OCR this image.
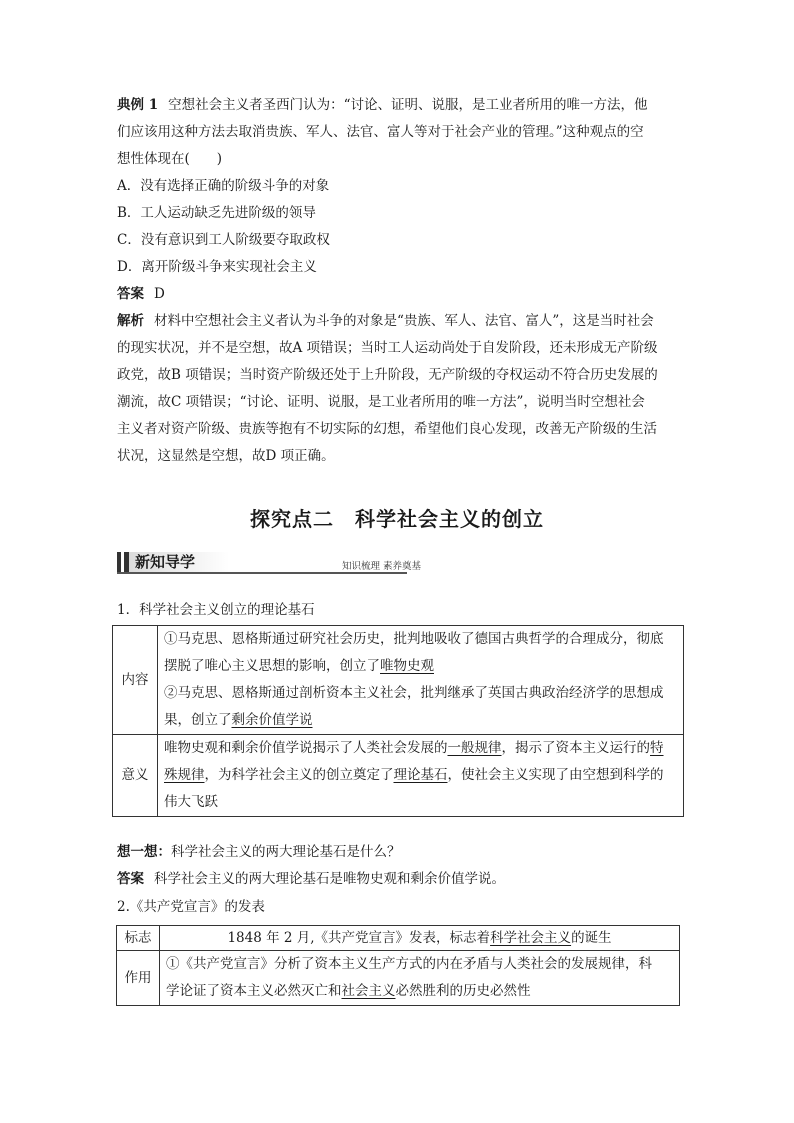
典例 1 空想社会主义者圣西门认为：“讨论、证明、说服，是工业者所用的唯一方法，他
们应该用这种方法去取消贵族、军人、法官、富人等对于社会产业的管理。”这种观点的空
想性体现在(　　)
A．没有选择正确的阶级斗争的对象
B．工人运动缺乏先进阶级的领导
C．没有意识到工人阶级要夺取政权
D．离开阶级斗争来实现社会主义
答案 D
解析 材料中空想社会主义者认为斗争的对象是“贵族、军人、法官、富人”，这是当时社会
的现实状况，并不是空想，故A 项错误；当时工人运动尚处于自发阶段，还未形成无产阶级
政党，故B 项错误；当时资产阶级还处于上升阶段，无产阶级的夺权运动不符合历史发展的
潮流，故C 项错误；“讨论、证明、说服，是工业者所用的唯一方法”，说明当时空想社会
主义者对资产阶级、贵族等抱有不切实际的幻想，希望他们良心发现，改善无产阶级的生活
状况，这显然是空想，故D 项正确。
探究点二　科学社会主义的创立
新知导学	知识梳理 素养奠基
1．科学社会主义创立的理论基石
内容	①马克思、恩格斯通过研究社会历史，批判地吸收了德国古典哲学的合理成分，彻底
摆脱了唯心主义思想的影响，创立了唯物史观
②马克思、恩格斯通过剖析资本主义社会，批判继承了英国古典政治经济学的思想成
果，创立了剩余价值学说

意义	唯物史观和剩余价值学说揭示了人类社会发展的一般规律，揭示了资本主义运行的特
殊规律，为科学社会主义的创立奠定了理论基石，使社会主义实现了由空想到科学的
伟大飞跃
想一想：科学社会主义的两大理论基石是什么？
答案 科学社会主义的两大理论基石是唯物史观和剩余价值学说。
2.《共产党宣言》的发表
标志	1848 年 2 月,《共产党宣言》发表，标志着科学社会主义的诞生
作用	①《共产党宣言》分析了资本主义生产方式的内在矛盾与人类社会的发展规律，科
学论证了资本主义必然灭亡和社会主义必然胜利的历史必然性
